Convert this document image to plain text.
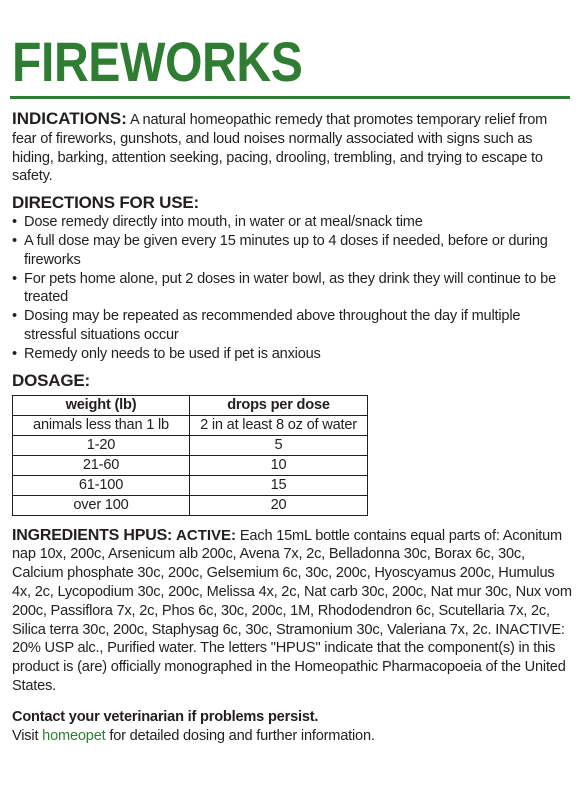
FIREWORKS

INDICATIONS: A natural homeopathic remedy that promotes temporary relief from fear of fireworks, gunshots, and loud noises normally associated with signs such as hiding, barking, attention seeking, pacing, drooling, trembling, and trying to escape to safety.

DIRECTIONS FOR USE:
• Dose remedy directly into mouth, in water or at meal/snack time
• A full dose may be given every 15 minutes up to 4 doses if needed, before or during fireworks
• For pets home alone, put 2 doses in water bowl, as they drink they will continue to be treated
• Dosing may be repeated as recommended above throughout the day if multiple stressful situations occur
• Remedy only needs to be used if pet is anxious
DOSAGE:
weight (lb)	drops per dose
animals less than 1 lb	2 in at least 8 oz of water
1-20	5
21-60	10
61-100	15
over 100	20

INGREDIENTS HPUS: ACTIVE: Each 15mL bottle contains equal parts of: Aconitum nap 10x, 200c, Arsenicum alb 200c, Avena 7x, 2c, Belladonna 30c, Borax 6c, 30c, Calcium phosphate 30c, 200c, Gelsemium 6c, 30c, 200c, Hyoscyamus 200c, Humulus 4x, 2c, Lycopodium 30c, 200c, Melissa 4x, 2c, Nat carb 30c, 200c, Nat mur 30c, Nux vom 200c, Passiflora 7x, 2c, Phos 6c, 30c, 200c, 1M, Rhododendron 6c, Scutellaria 7x, 2c, Silica terra 30c, 200c, Staphysag 6c, 30c, Stramonium 30c, Valeriana 7x, 2c. INACTIVE: 20% USP alc., Purified water. The letters "HPUS" indicate that the component(s) in this product is (are) officially monographed in the Homeopathic Pharmacopoeia of the United States.

Contact your veterinarian if problems persist.

Visit homeopet for detailed dosing and further information.
